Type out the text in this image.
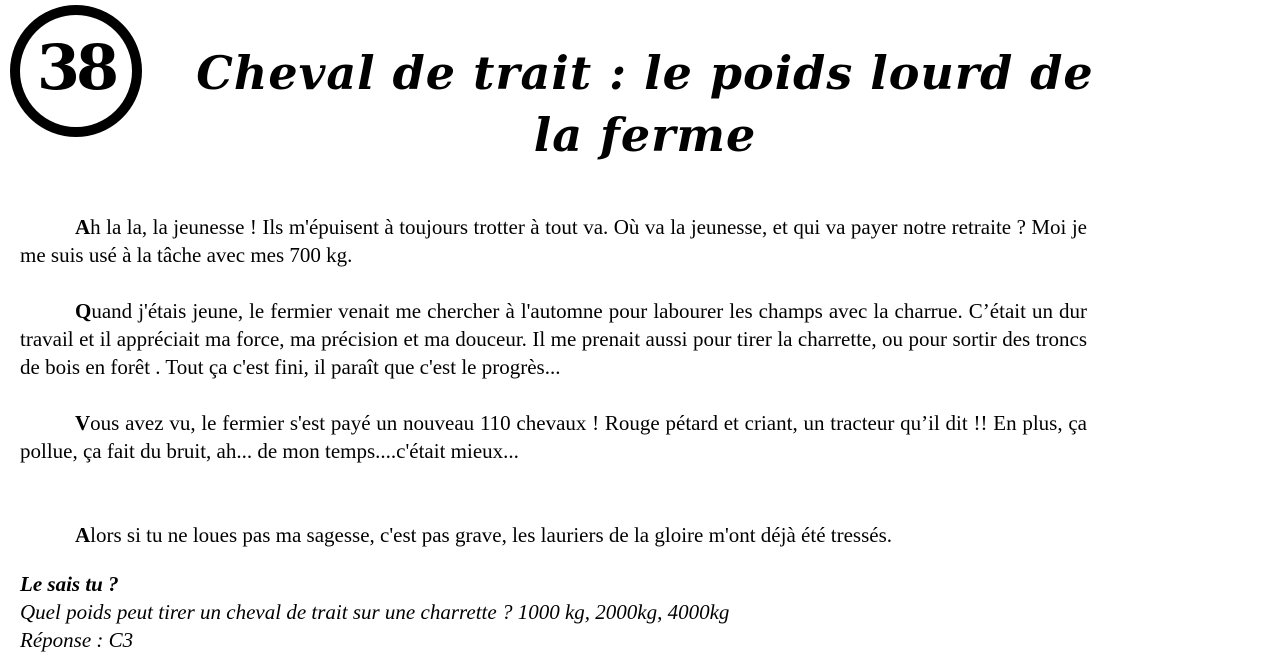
38	Cheval de trait : le poids lourd de la ferme

Ah la la, la jeunesse ! Ils m'épuisent à toujours trotter à tout va. Où va la jeunesse, et qui va payer notre retraite ? Moi je me suis usé à la tâche avec mes 700 kg.

Quand j'étais jeune, le fermier venait me chercher à l'automne pour labourer les champs avec la charrue. C’était un dur travail et il appréciait ma force, ma précision et ma douceur. Il me prenait aussi pour tirer la charrette, ou pour sortir des troncs de bois en forêt . Tout ça c'est fini, il paraît que c'est le progrès...

Vous avez vu, le fermier s'est payé un nouveau 110 chevaux ! Rouge pétard et criant, un tracteur qu’il dit !! En plus, ça pollue, ça fait du bruit, ah... de mon temps....c'était mieux...

Alors si tu ne loues pas ma sagesse, c'est pas grave, les lauriers de la gloire m'ont déjà été tressés.

Le sais tu ?
Quel poids peut tirer un cheval de trait sur une charrette ? 1000 kg, 2000kg, 4000kg
Réponse : C3
